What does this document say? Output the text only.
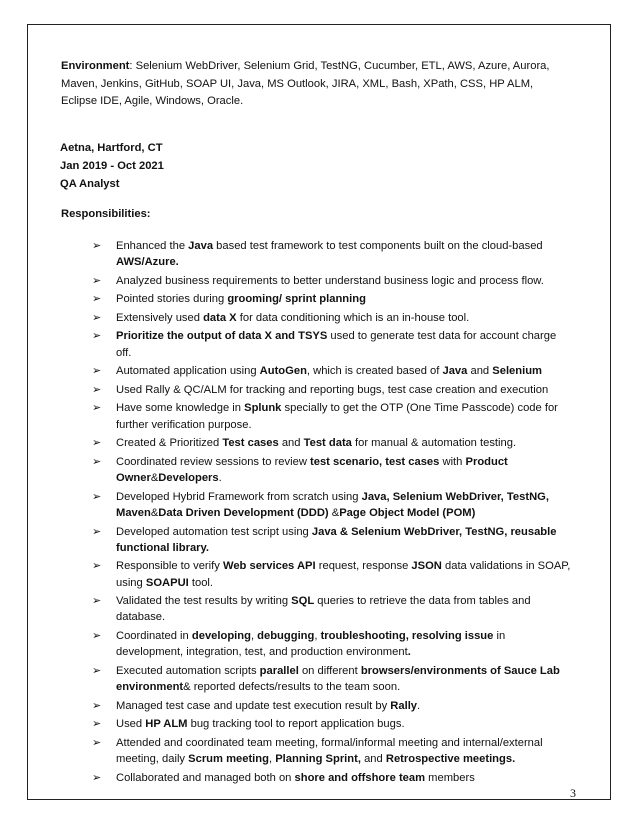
Environment: Selenium WebDriver, Selenium Grid, TestNG, Cucumber, ETL, AWS, Azure, Aurora, Maven, Jenkins, GitHub, SOAP UI, Java, MS Outlook, JIRA, XML, Bash, XPath, CSS, HP ALM, Eclipse IDE, Agile, Windows, Oracle.
Aetna, Hartford, CT
Jan 2019 - Oct 2021
QA Analyst
Responsibilities:
➢ Enhanced the Java based test framework to test components built on the cloud-based AWS/Azure.
➢ Analyzed business requirements to better understand business logic and process flow.
➢ Pointed stories during grooming/ sprint planning
➢ Extensively used data X for data conditioning which is an in-house tool.
➢ Prioritize the output of data X and TSYS used to generate test data for account charge off.
➢ Automated application using AutoGen, which is created based of Java and Selenium
➢ Used Rally & QC/ALM for tracking and reporting bugs, test case creation and execution
➢ Have some knowledge in Splunk specially to get the OTP (One Time Passcode) code for further verification purpose.
➢ Created & Prioritized Test cases and Test data for manual & automation testing.
➢ Coordinated review sessions to review test scenario, test cases with Product Owner&Developers.
➢ Developed Hybrid Framework from scratch using Java, Selenium WebDriver, TestNG, Maven&Data Driven Development (DDD) &Page Object Model (POM)
➢ Developed automation test script using Java & Selenium WebDriver, TestNG, reusable functional library.
➢ Responsible to verify Web services API request, response JSON data validations in SOAP, using SOAPUI tool.
➢ Validated the test results by writing SQL queries to retrieve the data from tables and database.
➢ Coordinated in developing, debugging, troubleshooting, resolving issue in development, integration, test, and production environment.
➢ Executed automation scripts parallel on different browsers/environments of Sauce Lab environment& reported defects/results to the team soon.
➢ Managed test case and update test execution result by Rally.
➢ Used HP ALM bug tracking tool to report application bugs.
➢ Attended and coordinated team meeting, formal/informal meeting and internal/external meeting, daily Scrum meeting, Planning Sprint, and Retrospective meetings.
➢ Collaborated and managed both on shore and offshore team members
3
